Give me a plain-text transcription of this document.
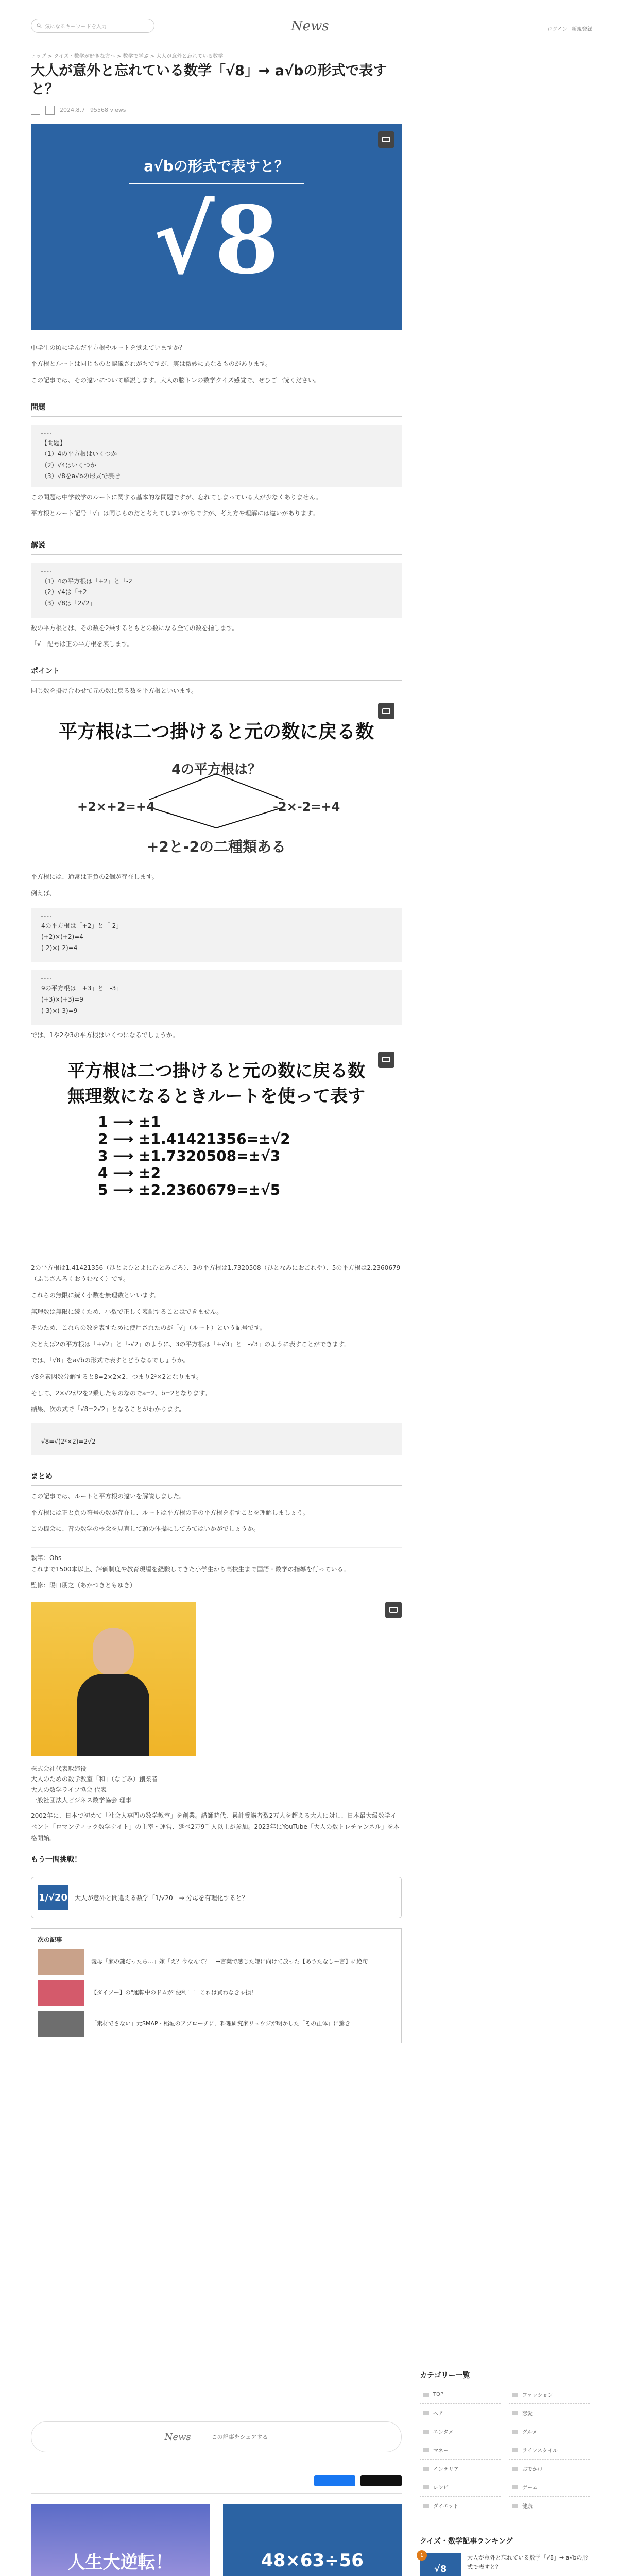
気になるキーワードを入力	News	ログイン 新規登録
トップ > クイズ・数学が好きな方へ > 数学で学ぶ > 大人が意外と忘れている数学
大人が意外と忘れている数学「√8」→ a√bの形式で表すと？
2024.8.7 95568 views
a√bの形式で表すと？
√8

中学生の頃に学んだ平方根やルートを覚えていますか？

平方根とルートは同じものと認識されがちですが、実は微妙に異なるものがあります。

この記事では、その違いについて解説します。大人の脳トレの数学クイズ感覚で、ぜひご一読ください。

問題
【問題】
（1）4の平方根はいくつか
（2）√4はいくつか
（3）√8をa√bの形式で表せ

この問題は中学数学のルートに関する基本的な問題ですが、忘れてしまっている人が少なくありません。

平方根とルート記号「√」は同じものだと考えてしまいがちですが、考え方や理解には違いがあります。

解説
（1）4の平方根は「+2」と「-2」
（2）√4は「+2」
（3）√8は「2√2」

数の平方根とは、その数を2乗するともとの数になる全ての数を指します。

「√」記号は正の平方根を表します。

ポイント

同じ数を掛け合わせて元の数に戻る数を平方根といいます。

平方根は二つ掛けると元の数に戻る数
4の平方根は？
+2×+2=+4	-2×-2=+4
+2と-2の二種類ある

平方根には、通常は正負の2個が存在します。

例えば、

4の平方根は「+2」と「-2」
(+2)×(+2)=4
(-2)×(-2)=4
9の平方根は「+3」と「-3」
(+3)×(+3)=9
(-3)×(-3)=9

では、1や2や3の平方根はいくつになるでしょうか。

平方根は二つ掛けると元の数に戻る数
無理数になるときルートを使って表す
1 ⟶ ±1
2 ⟶ ±1.41421356=±√2
3 ⟶ ±1.7320508=±√3
4 ⟶ ±2
5 ⟶ ±2.2360679=±√5

2の平方根は1.41421356（ひとよひとよにひとみごろ）、3の平方根は1.7320508（ひとなみにおごれや）、5の平方根は2.2360679（ふじさんろくおうむなく）です。

これらの無限に続く小数を無理数といいます。

無理数は無限に続くため、小数で正しく表記することはできません。

そのため、これらの数を表すために使用されたのが「√」（ルート）という記号です。

たとえば2の平方根は「+√2」と「-√2」のように、3の平方根は「+√3」と「-√3」のように表すことができます。

では、「√8」をa√bの形式で表すとどうなるでしょうか。

√8を素因数分解すると8=2×2×2、つまり2²×2となります。

そして、2×√2が2を2乗したものなのでa=2、b=2となります。

結果、次の式で「√8=2√2」となることがわかります。

√8=√(2²×2)=2√2
まとめ

この記事では、ルートと平方根の違いを解説しました。

平方根には正と負の符号の数が存在し、ルートは平方根の正の平方根を指すことを理解しましょう。

この機会に、昔の数学の概念を見直して頭の体操にしてみてはいかがでしょうか。

執筆：Ohs

これまで1500本以上、評価制度や教育現場を経験してきた小学生から高校生まで国語・数学の指導を行っている。

監修：陽口朋之（あかつきともゆき）

株式会社代表取締役

大人のための数学教室「和」（なごみ）創業者

大人の数学ライフ協会 代表

一般社団法人ビジネス数学協会 理事

2002年に、日本で初めて「社会人専門の数学教室」を創業。講師時代、累計受講者数2万人を超える大人に対し、日本最大級数学イベント「ロマンティック数学ナイト」の主宰・運営、延べ2万9千人以上が参加。2023年にYouTube「大人の数トレチャンネル」を本格開始。

もう一問挑戦！
1/√20 大人が意外と間違える数学「1/√20」→ 分母を有理化すると？
次の記事
義母「家の鍵だったら…」嫁「え？今なんて？」→言葉で感じた嫌に向けて放った【あうたなしー言】に絶句
【ダイソー】の"運転中のドムが"便利！！ これは買わなきゃ損！
「素材でさない」元SMAP・稲垣のアプローチに、料理研究家リュウジが明かした「その正体」に驚き
News	この記事をシェアする
人生大逆転！	48×63÷56
カテゴリー一覧
TOP	ファッション
ヘア	恋愛
エンタメ	グルメ
マネー	ライフスタイル
インテリア	おでかけ
レシピ	ゲーム
ダイエット	健康
クイズ・数学記事ランキング
1
√8
大人が意外と忘れている数学「√8」→ a√bの形式で表すと？
